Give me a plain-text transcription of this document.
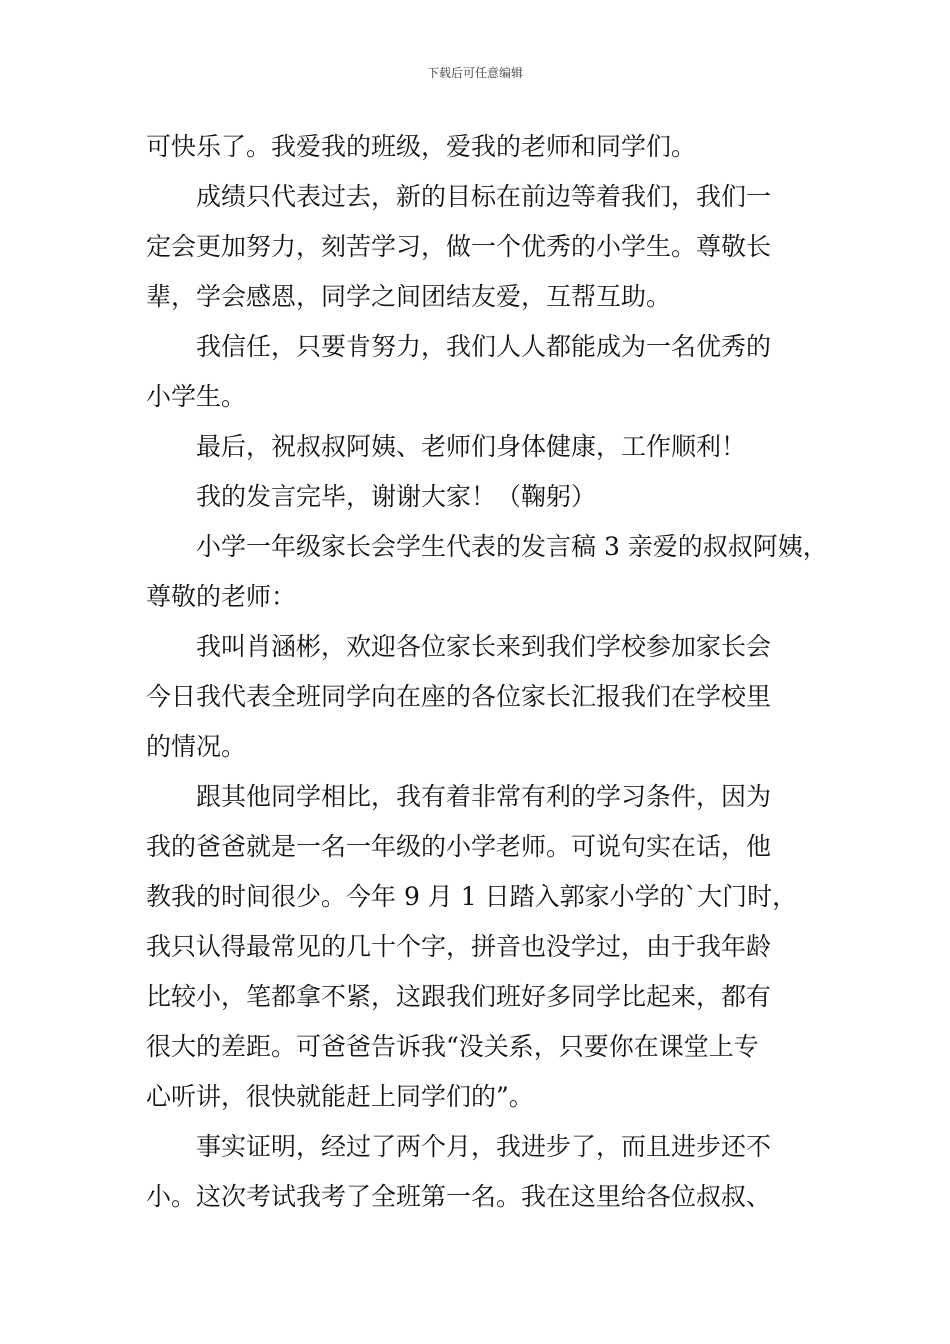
下载后可任意编辑
可快乐了。我爱我的班级，爱我的老师和同学们。
成绩只代表过去，新的目标在前边等着我们，我们一
定会更加努力，刻苦学习，做一个优秀的小学生。尊敬长
辈，学会感恩，同学之间团结友爱，互帮互助。
我信任，只要肯努力，我们人人都能成为一名优秀的
小学生。
最后，祝叔叔阿姨、老师们身体健康，工作顺利！
我的发言完毕，谢谢大家！（鞠躬）
小学一年级家长会学生代表的发言稿 3 亲爱的叔叔阿姨，
尊敬的老师：
我叫肖涵彬，欢迎各位家长来到我们学校参加家长会
今日我代表全班同学向在座的各位家长汇报我们在学校里
的情况。
跟其他同学相比，我有着非常有利的学习条件，因为
我的爸爸就是一名一年级的小学老师。可说句实在话，他
教我的时间很少。今年 9 月 1 日踏入郭家小学的`大门时，
我只认得最常见的几十个字，拼音也没学过，由于我年龄
比较小，笔都拿不紧，这跟我们班好多同学比起来，都有
很大的差距。可爸爸告诉我“没关系，只要你在课堂上专
心听讲，很快就能赶上同学们的”。
事实证明，经过了两个月，我进步了，而且进步还不
小。这次考试我考了全班第一名。我在这里给各位叔叔、
